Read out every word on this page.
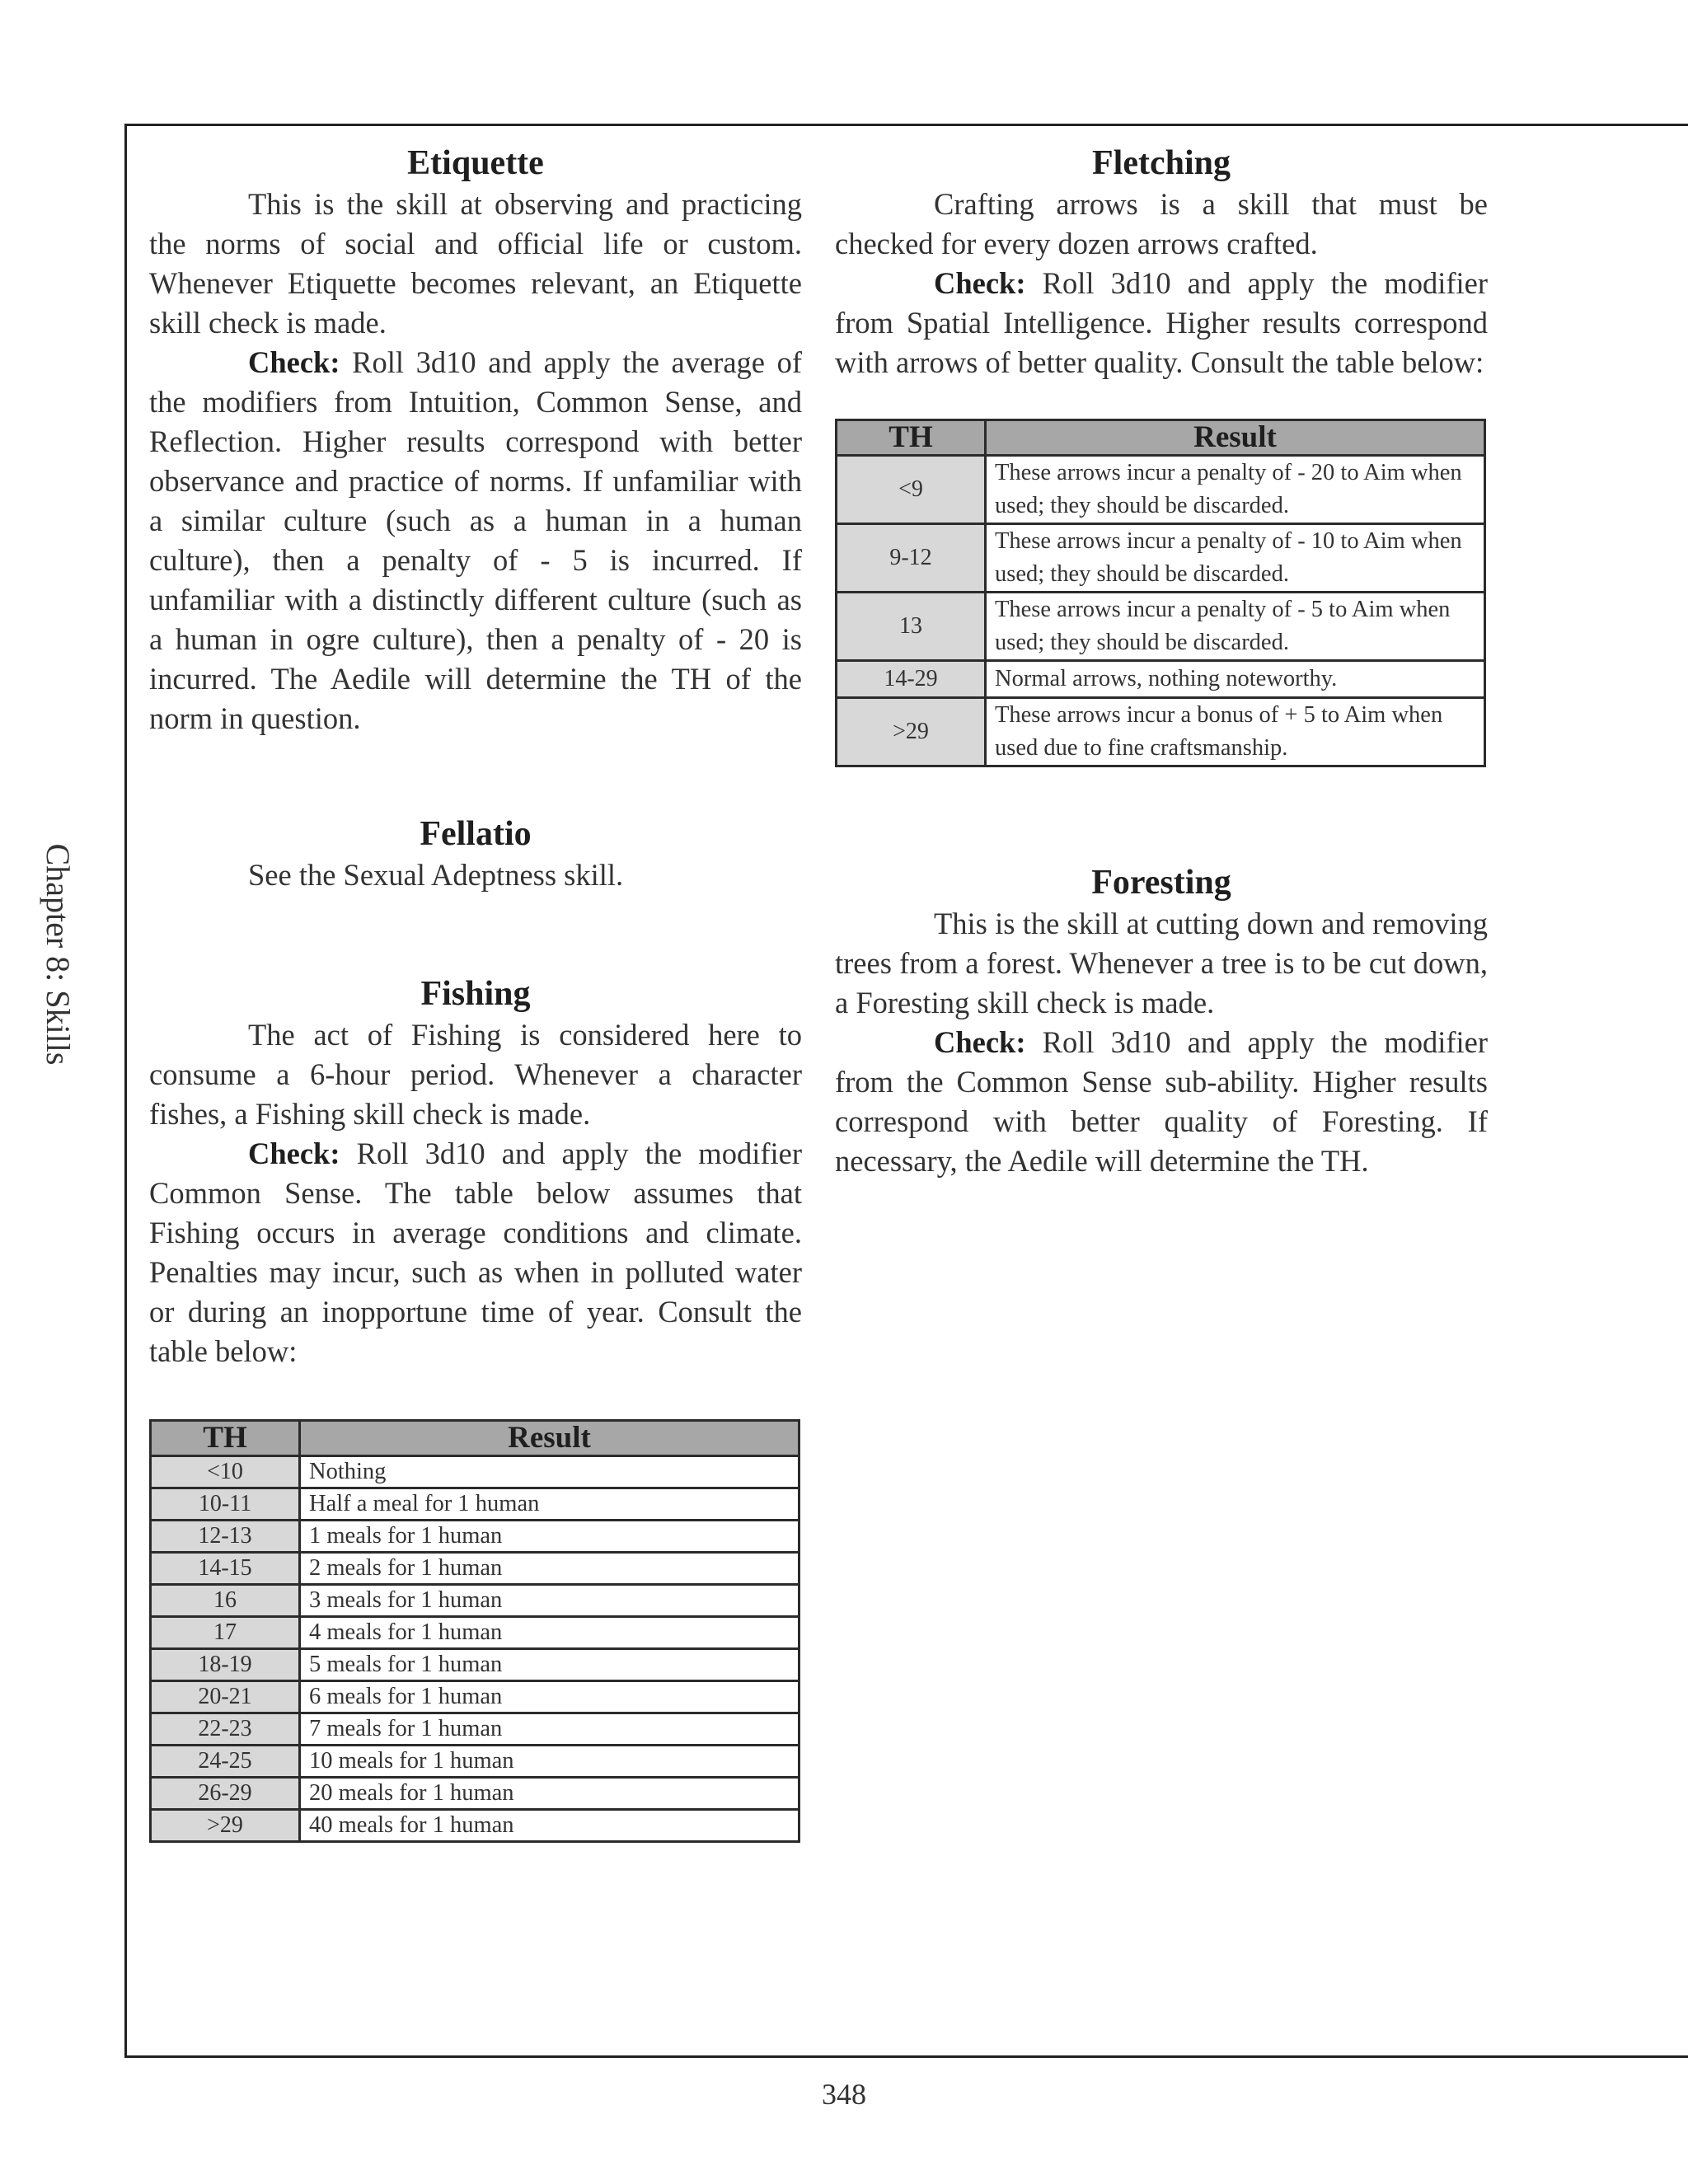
Chapter 8: Skills
Etiquette

This is the skill at observing and practicing the norms of social and official life or custom. Whenever Etiquette becomes relevant, an Etiquette skill check is made.

Check: Roll 3d10 and apply the average of the modifiers from Intuition, Common Sense, and Reflection. Higher results correspond with better observance and practice of norms. If unfamiliar with a similar culture (such as a human in a human culture), then a penalty of - 5 is incurred. If unfamiliar with a distinctly different culture (such as a human in ogre culture), then a penalty of - 20 is incurred. The Aedile will determine the TH of the norm in question.

Fellatio

See the Sexual Adeptness skill.

Fishing

The act of Fishing is considered here to consume a 6-hour period. Whenever a character fishes, a Fishing skill check is made.

Check: Roll 3d10 and apply the modifier Common Sense. The table below assumes that Fishing occurs in average conditions and climate. Penalties may incur, such as when in polluted water or during an inopportune time of year. Consult the table below:

TH	Result
<10	Nothing
10-11	Half a meal for 1 human
12-13	1 meals for 1 human
14-15	2 meals for 1 human
16	3 meals for 1 human
17	4 meals for 1 human
18-19	5 meals for 1 human
20-21	6 meals for 1 human
22-23	7 meals for 1 human
24-25	10 meals for 1 human
26-29	20 meals for 1 human
>29	40 meals for 1 human
Fletching

Crafting arrows is a skill that must be checked for every dozen arrows crafted.

Check: Roll 3d10 and apply the modifier from Spatial Intelligence. Higher results correspond with arrows of better quality. Consult the table below:

TH	Result
<9	These arrows incur a penalty of - 20 to Aim when used; they should be discarded.
9-12	These arrows incur a penalty of - 10 to Aim when used; they should be discarded.
13	These arrows incur a penalty of - 5 to Aim when used; they should be discarded.
14-29	Normal arrows, nothing noteworthy.
>29	These arrows incur a bonus of + 5 to Aim when used due to fine craftsmanship.
Foresting

This is the skill at cutting down and removing trees from a forest. Whenever a tree is to be cut down, a Foresting skill check is made.

Check: Roll 3d10 and apply the modifier from the Common Sense sub-ability. Higher results correspond with better quality of Foresting. If necessary, the Aedile will determine the TH.

348
